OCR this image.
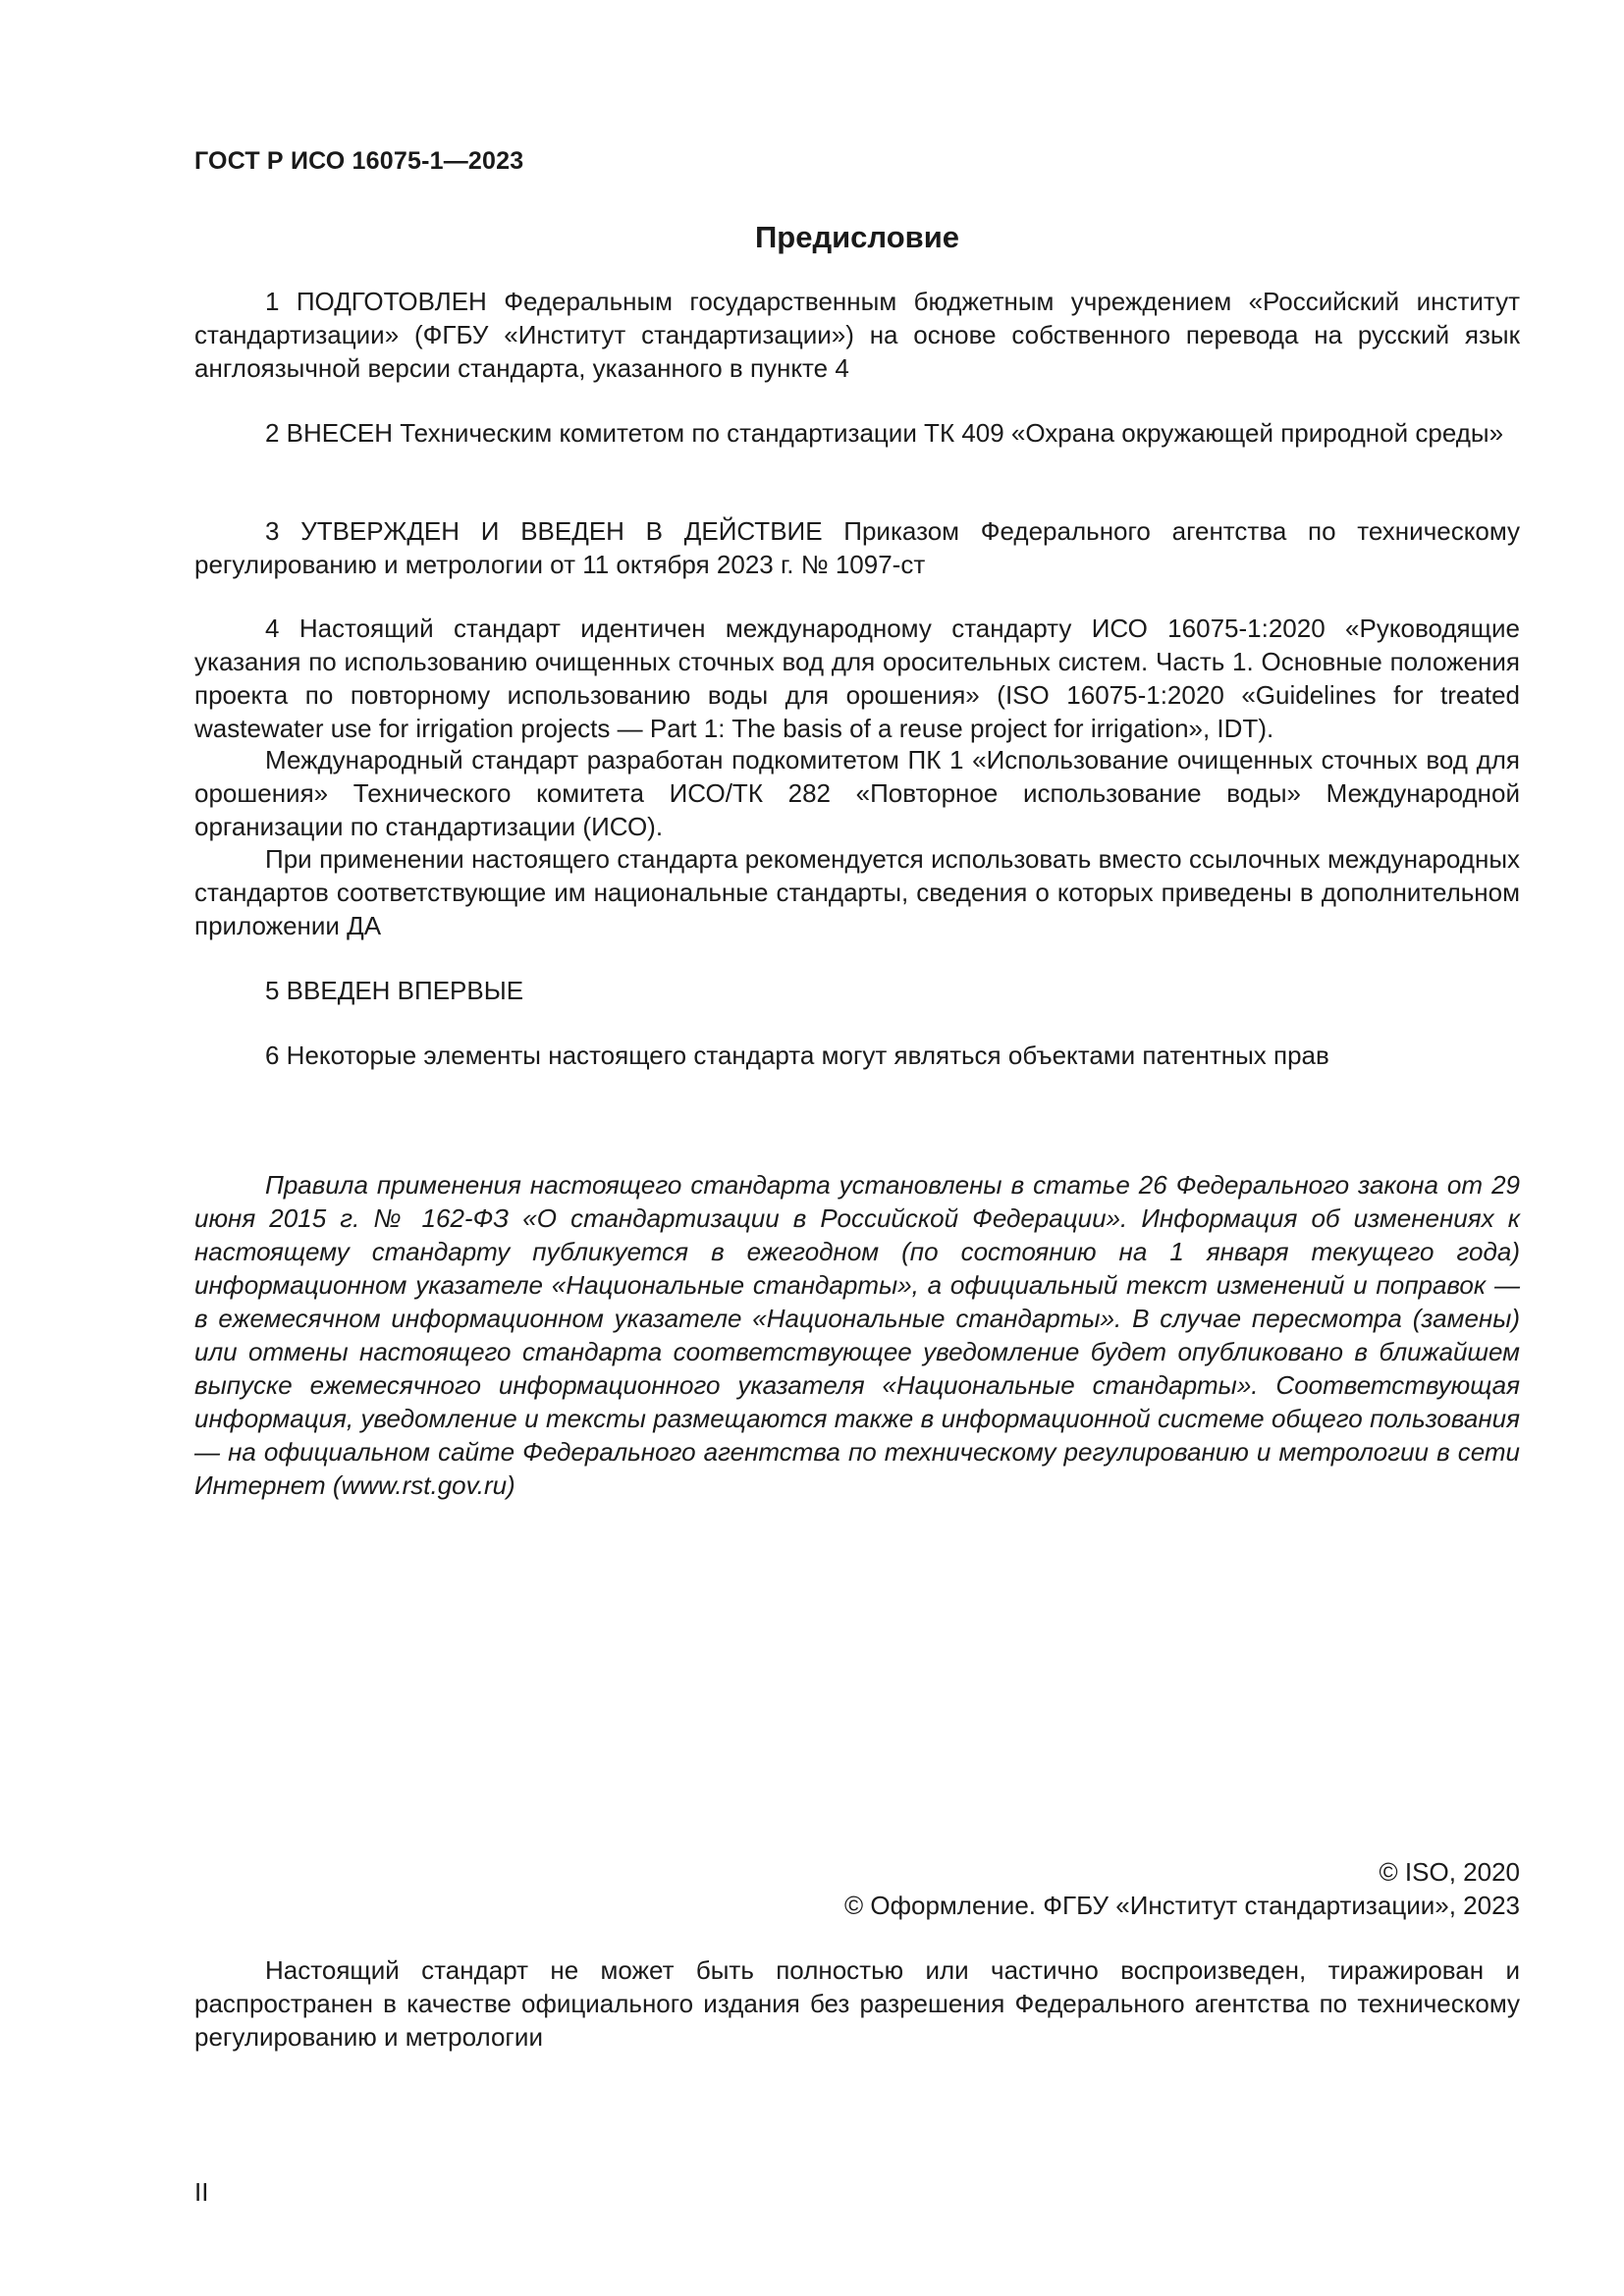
ГОСТ Р ИСО 16075-1—2023
Предисловие

1 ПОДГОТОВЛЕН Федеральным государственным бюджетным учреждением «Российский институт стандартизации» (ФГБУ «Институт стандартизации») на основе собственного перевода на русский язык англоязычной версии стандарта, указанного в пункте 4

2 ВНЕСЕН Техническим комитетом по стандартизации ТК 409 «Охрана окружающей природной среды»

3 УТВЕРЖДЕН И ВВЕДЕН В ДЕЙСТВИЕ Приказом Федерального агентства по техническому регулированию и метрологии от 11 октября 2023 г. № 1097-ст

4 Настоящий стандарт идентичен международному стандарту ИСО 16075-1:2020 «Руководящие указания по использованию очищенных сточных вод для оросительных систем. Часть 1. Основные положения проекта по повторному использованию воды для орошения» (ISO 16075-1:2020 «Guidelines for treated wastewater use for irrigation projects — Part 1: The basis of a reuse project for irrigation», IDT).

Международный стандарт разработан подкомитетом ПК 1 «Использование очищенных сточных вод для орошения» Технического комитета ИСО/ТК 282 «Повторное использование воды» Международной организации по стандартизации (ИСО).

При применении настоящего стандарта рекомендуется использовать вместо ссылочных международных стандартов соответствующие им национальные стандарты, сведения о которых приведены в дополнительном приложении ДА

5 ВВЕДЕН ВПЕРВЫЕ

6 Некоторые элементы настоящего стандарта могут являться объектами патентных прав

Правила применения настоящего стандарта установлены в статье 26 Федерального закона от 29 июня 2015 г. № 162-ФЗ «О стандартизации в Российской Федерации». Информация об изменениях к настоящему стандарту публикуется в ежегодном (по состоянию на 1 января текущего года) информационном указателе «Национальные стандарты», а официальный текст изменений и поправок — в ежемесячном информационном указателе «Национальные стандарты». В случае пересмотра (замены) или отмены настоящего стандарта соответствующее уведомление будет опубликовано в ближайшем выпуске ежемесячного информационного указателя «Национальные стандарты». Соответствующая информация, уведомление и тексты размещаются также в информационной системе общего пользования — на официальном сайте Федерального агентства по техническому регулированию и метрологии в сети Интернет (www.rst.gov.ru)

© ISO, 2020

© Оформление. ФГБУ «Институт стандартизации», 2023

Настоящий стандарт не может быть полностью или частично воспроизведен, тиражирован и распространен в качестве официального издания без разрешения Федерального агентства по техническому регулированию и метрологии

II
